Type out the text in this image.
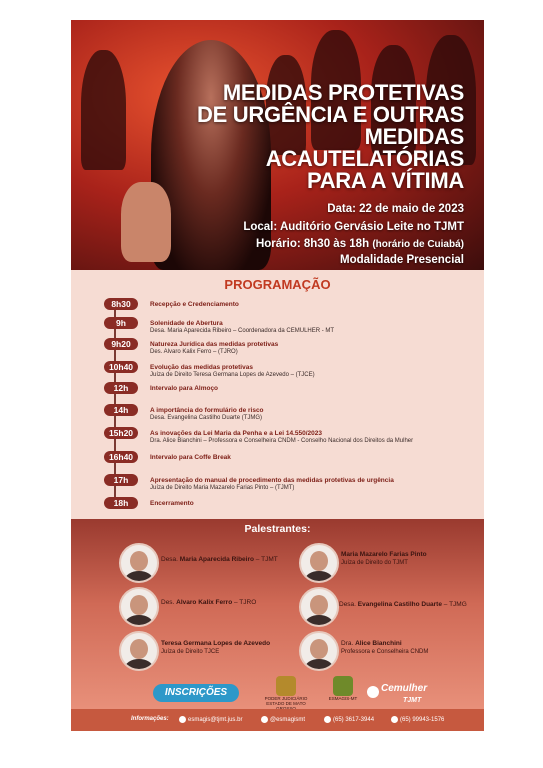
MEDIDAS PROTETIVAS
DE URGÊNCIA E OUTRAS
MEDIDAS ACAUTELATÓRIAS
PARA A VÍTIMA
Data: 22 de maio de 2023
Local: Auditório Gervásio Leite no TJMT
Horário: 8h30 às 18h (horário de Cuiabá)
Modalidade Presencial
PROGRAMAÇÃO
8h30	Recepção e Credenciamento
9h	Solenidade de Abertura
Desa. Maria Aparecida Ribeiro – Coordenadora da CEMULHER - MT
9h20	Natureza Jurídica das medidas protetivas
Des. Alvaro Kalix Ferro – (TJRO)
10h40	Evolução das medidas protetivas
Juíza de Direito Teresa Germana Lopes de Azevedo – (TJCE)
12h	Intervalo para Almoço
14h	A importância do formulário de risco
Desa. Evangelina Castilho Duarte (TJMG)
15h20	As inovações da Lei Maria da Penha e a Lei 14.550/2023
Dra. Alice Bianchini – Professora e Conselheira CNDM - Conselho Nacional dos Direitos da Mulher
16h40	Intervalo para Coffe Break
17h	Apresentação do manual de procedimento das medidas protetivas de urgência
Juíza de Direito Maria Mazarelo Farias Pinto – (TJMT)
18h	Encerramento
Palestrantes:
Desa. Maria Aparecida Ribeiro – TJMT
Maria Mazarelo Farias Pinto
Juíza de Direito do TJMT
Des. Alvaro Kalix Ferro – TJRO	Desa. Evangelina Castilho Duarte – TJMG
Teresa Germana Lopes de Azevedo
Juíza de Direito TJCE
Dra. Alice Bianchini
Professora e Conselheira CNDM
INSCRIÇÕES
PODER JUDICIÁRIO
ESTADO DE MATO
ESMAGIS-MT
Cemulher
TJMT
Informações:	esmagis@tjmt.jus.br	@esmagismt	(65) 3617-3944	(65) 99943-1576
